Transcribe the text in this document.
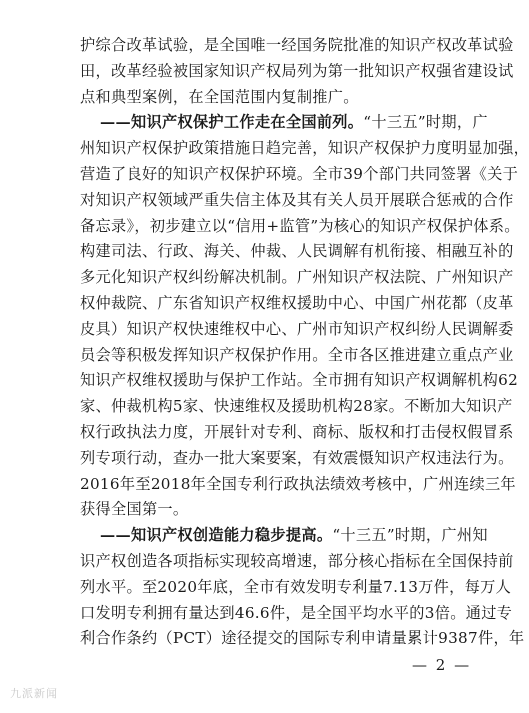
护综合改革试验，是全国唯一经国务院批准的知识产权改革试验
田，改革经验被国家知识产权局列为第一批知识产权强省建设试
点和典型案例，在全国范围内复制推广。
——知识产权保护工作走在全国前列。“十三五”时期，广
州知识产权保护政策措施日趋完善，知识产权保护力度明显加强，
营造了良好的知识产权保护环境。全市39个部门共同签署《关于
对知识产权领域严重失信主体及其有关人员开展联合惩戒的合作
备忘录》，初步建立以“信用+监管”为核心的知识产权保护体系。
构建司法、行政、海关、仲裁、人民调解有机衔接、相融互补的
多元化知识产权纠纷解决机制。广州知识产权法院、广州知识产
权仲裁院、广东省知识产权维权援助中心、中国广州花都（皮革
皮具）知识产权快速维权中心、广州市知识产权纠纷人民调解委
员会等积极发挥知识产权保护作用。全市各区推进建立重点产业
知识产权维权援助与保护工作站。全市拥有知识产权调解机构62
家、仲裁机构5家、快速维权及援助机构28家。不断加大知识产
权行政执法力度，开展针对专利、商标、版权和打击侵权假冒系
列专项行动，查办一批大案要案，有效震慑知识产权违法行为。
2016年至2018年全国专利行政执法绩效考核中，广州连续三年
获得全国第一。
——知识产权创造能力稳步提高。“十三五”时期，广州知
识产权创造各项指标实现较高增速，部分核心指标在全国保持前
列水平。至2020年底，全市有效发明专利量7.13万件，每万人
口发明专利拥有量达到46.6件，是全国平均水平的3倍。通过专
利合作条约（PCT）途径提交的国际专利申请量累计9387件，年
— 2 —
九派新闻
